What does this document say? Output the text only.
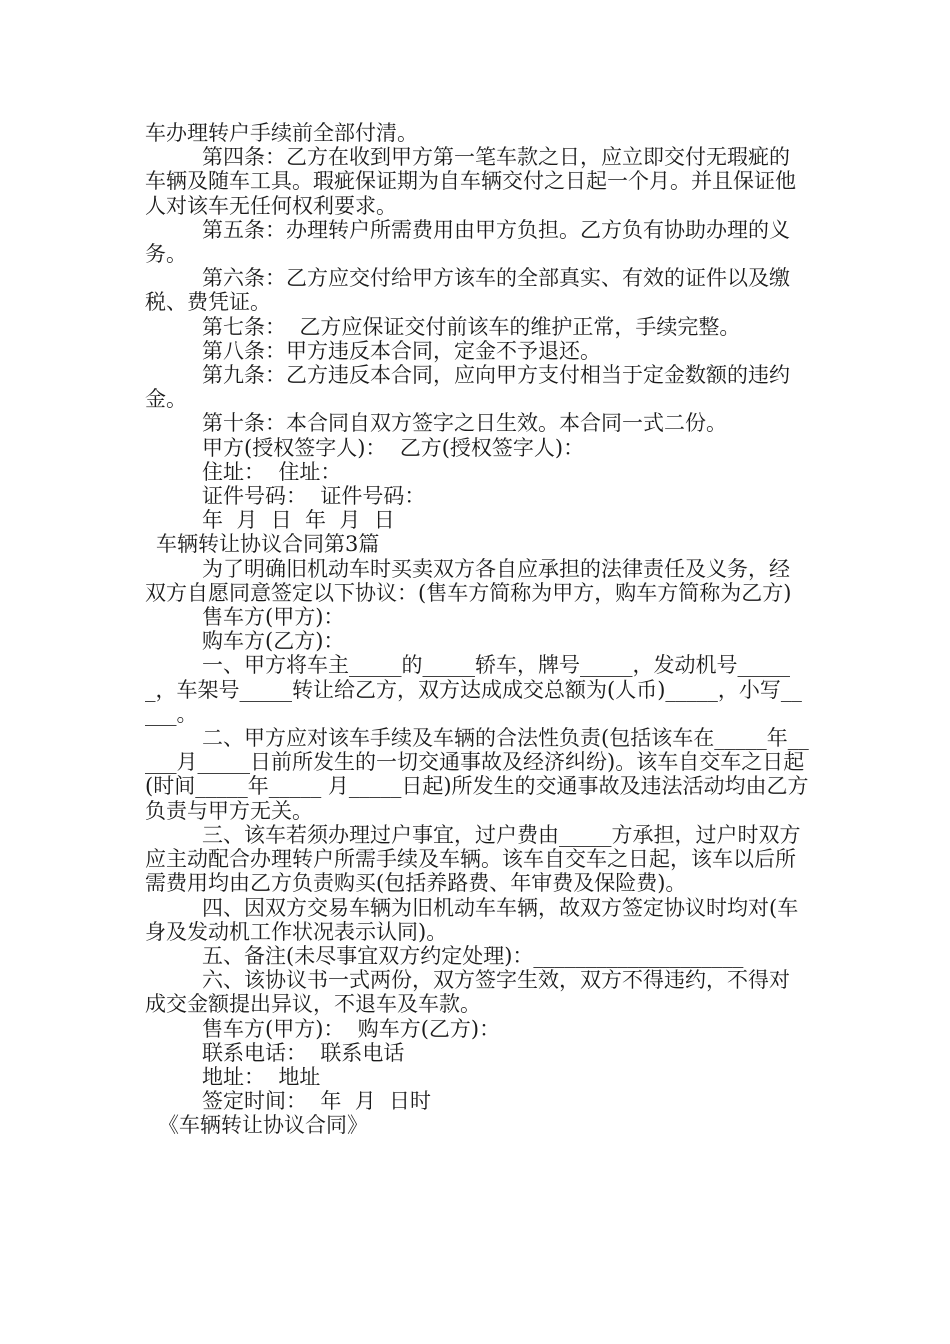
车办理转户手续前全部付清。

第四条：乙方在收到甲方第一笔车款之日，应立即交付无瑕疵的车辆及随车工具。瑕疵保证期为自车辆交付之日起一个月。并且保证他人对该车无任何权利要求。

第五条：办理转户所需费用由甲方负担。乙方负有协助办理的义务。

第六条：乙方应交付给甲方该车的全部真实、有效的证件以及缴税、费凭证。

第七条：  乙方应保证交付前该车的维护正常，手续完整。

第八条：甲方违反本合同，定金不予退还。

第九条：乙方违反本合同，应向甲方支付相当于定金数额的违约金。

第十条：本合同自双方签字之日生效。本合同一式二份。

甲方(授权签字人)：  乙方(授权签字人)：

住址：  住址：

证件号码：  证件号码：

年  月  日  年  月  日

车辆转让协议合同第3篇

为了明确旧机动车时买卖双方各自应承担的法律责任及义务，经双方自愿同意签定以下协议：(售车方简称为甲方，购车方简称为乙方)

售车方(甲方)：

购车方(乙方)：

一、甲方将车主_____的_____轿车，牌号_____，发动机号______，车架号_____转让给乙方，双方达成成交总额为(人币)_____，小写_____。

二、甲方应对该车手续及车辆的合法性负责(包括该车在_____年_____月_____日前所发生的一切交通事故及经济纠纷)。该车自交车之日起(时间_____年_____ 月_____日起)所发生的交通事故及违法活动均由乙方负责与甲方无关。

三、该车若须办理过户事宜，过户费由_____方承担，过户时双方应主动配合办理转户所需手续及车辆。该车自交车之日起，该车以后所需费用均由乙方负责购买(包括养路费、年审费及保险费)。

四、因双方交易车辆为旧机动车车辆，故双方签定协议时均对(车身及发动机工作状况表示认同)。

五、备注(未尽事宜双方约定处理)：____________________

六、该协议书一式两份，双方签字生效，双方不得违约，不得对成交金额提出异议，不退车及车款。

售车方(甲方)：  购车方(乙方)：

联系电话：  联系电话

地址：  地址

签定时间：  年  月  日时

《车辆转让协议合同》
